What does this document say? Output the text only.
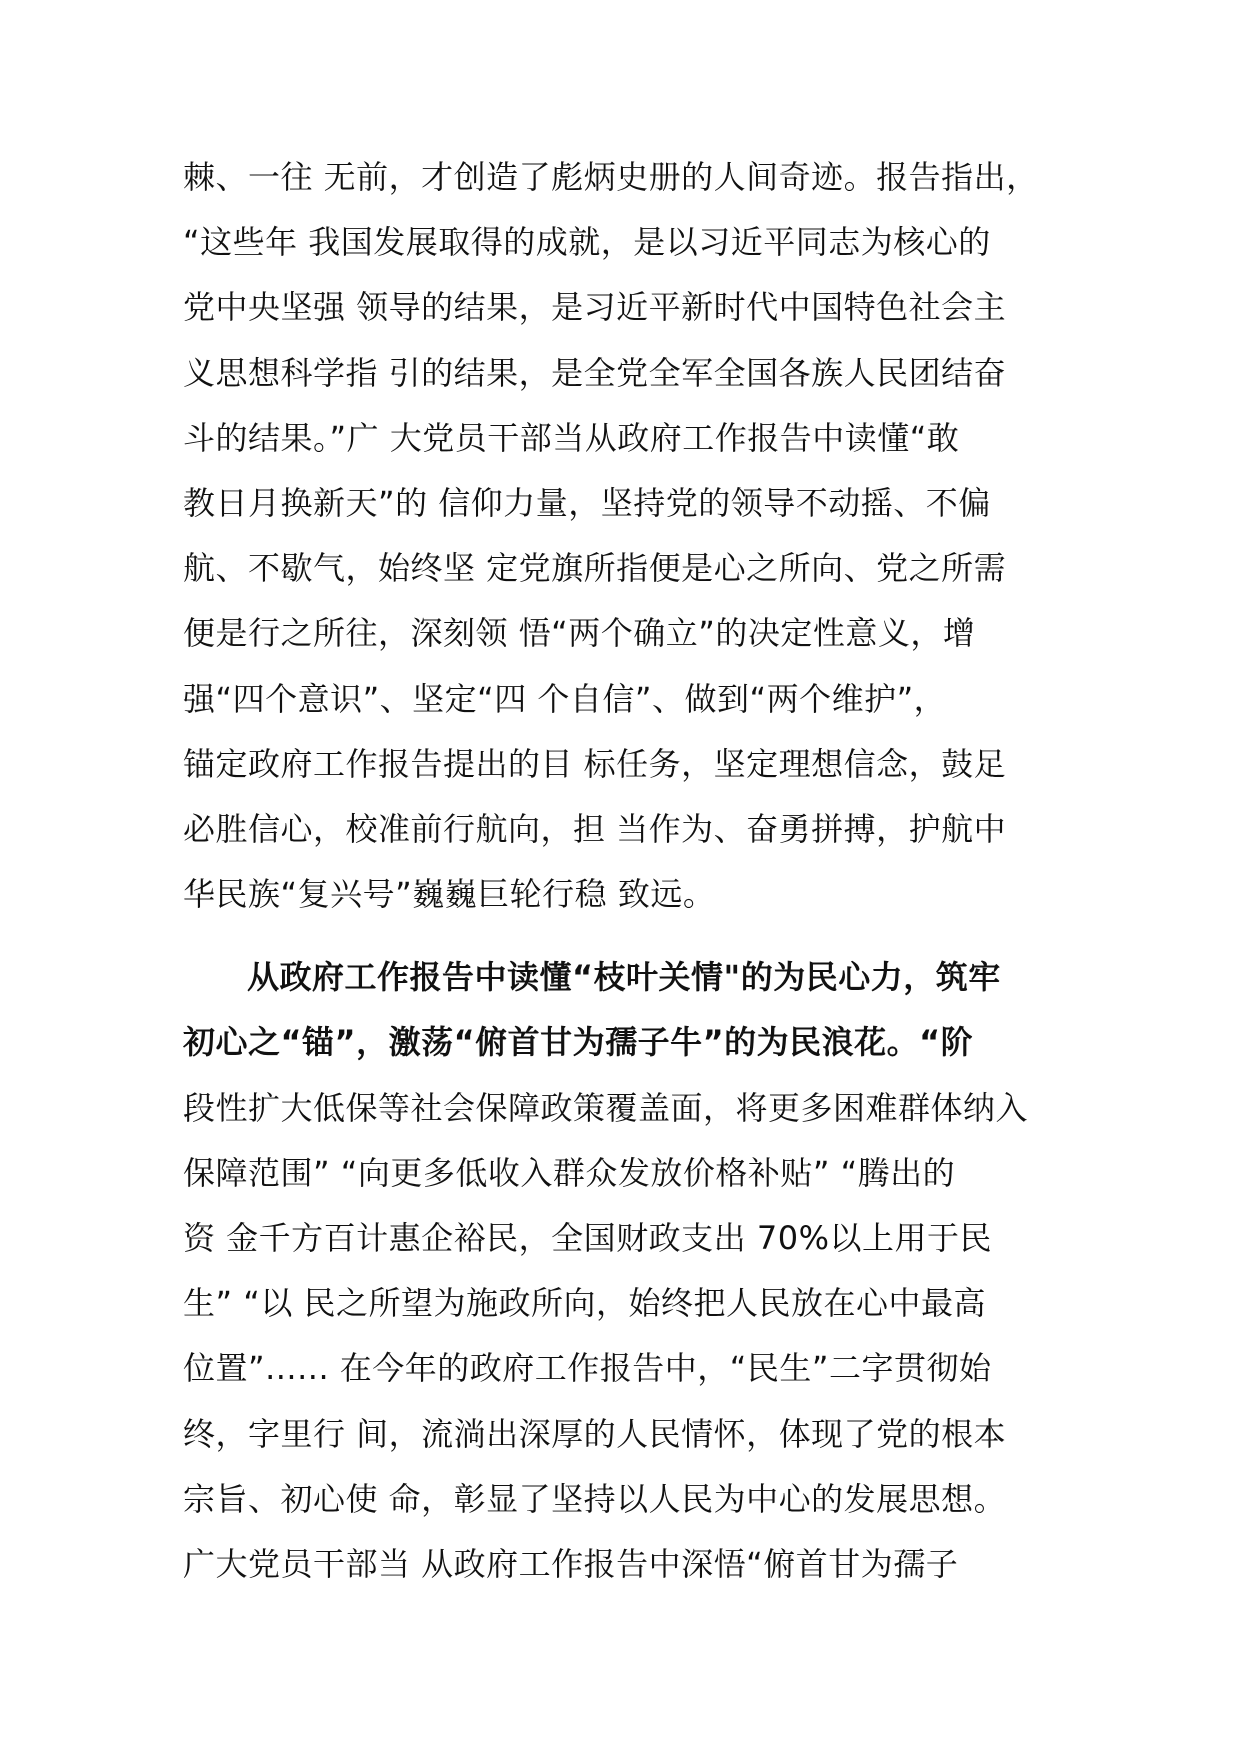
棘、一往 无前，才创造了彪炳史册的人间奇迹。报告指出，
“这些年 我国发展取得的成就，是以习近平同志为核心的
党中央坚强 领导的结果，是习近平新时代中国特色社会主
义思想科学指 引的结果，是全党全军全国各族人民团结奋
斗的结果。”广 大党员干部当从政府工作报告中读懂“敢
教日月换新天”的 信仰力量，坚持党的领导不动摇、不偏
航、不歇气，始终坚 定党旗所指便是心之所向、党之所需
便是行之所往，深刻领 悟“两个确立”的决定性意义，增
强“四个意识”、坚定“四 个自信”、做到“两个维护”，
锚定政府工作报告提出的目 标任务，坚定理想信念，鼓足
必胜信心，校准前行航向，担 当作为、奋勇拼搏，护航中
华民族“复兴号”巍巍巨轮行稳 致远。
从政府工作报告中读懂“枝叶关情"的为民心力，筑牢
初心之“锚”，激荡“俯首甘为孺子牛”的为民浪花。“阶
段性扩大低保等社会保障政策覆盖面，将更多困难群体纳入
保障范围” “向更多低收入群众发放价格补贴” “腾出的
资 金千方百计惠企裕民，全国财政支出 70%以上用于民
生” “以 民之所望为施政所向，始终把人民放在心中最高
位置”...... 在今年的政府工作报告中，“民生”二字贯彻始
终，字里行 间，流淌出深厚的人民情怀，体现了党的根本
宗旨、初心使 命，彰显了坚持以人民为中心的发展思想。
广大党员干部当 从政府工作报告中深悟“俯首甘为孺子
